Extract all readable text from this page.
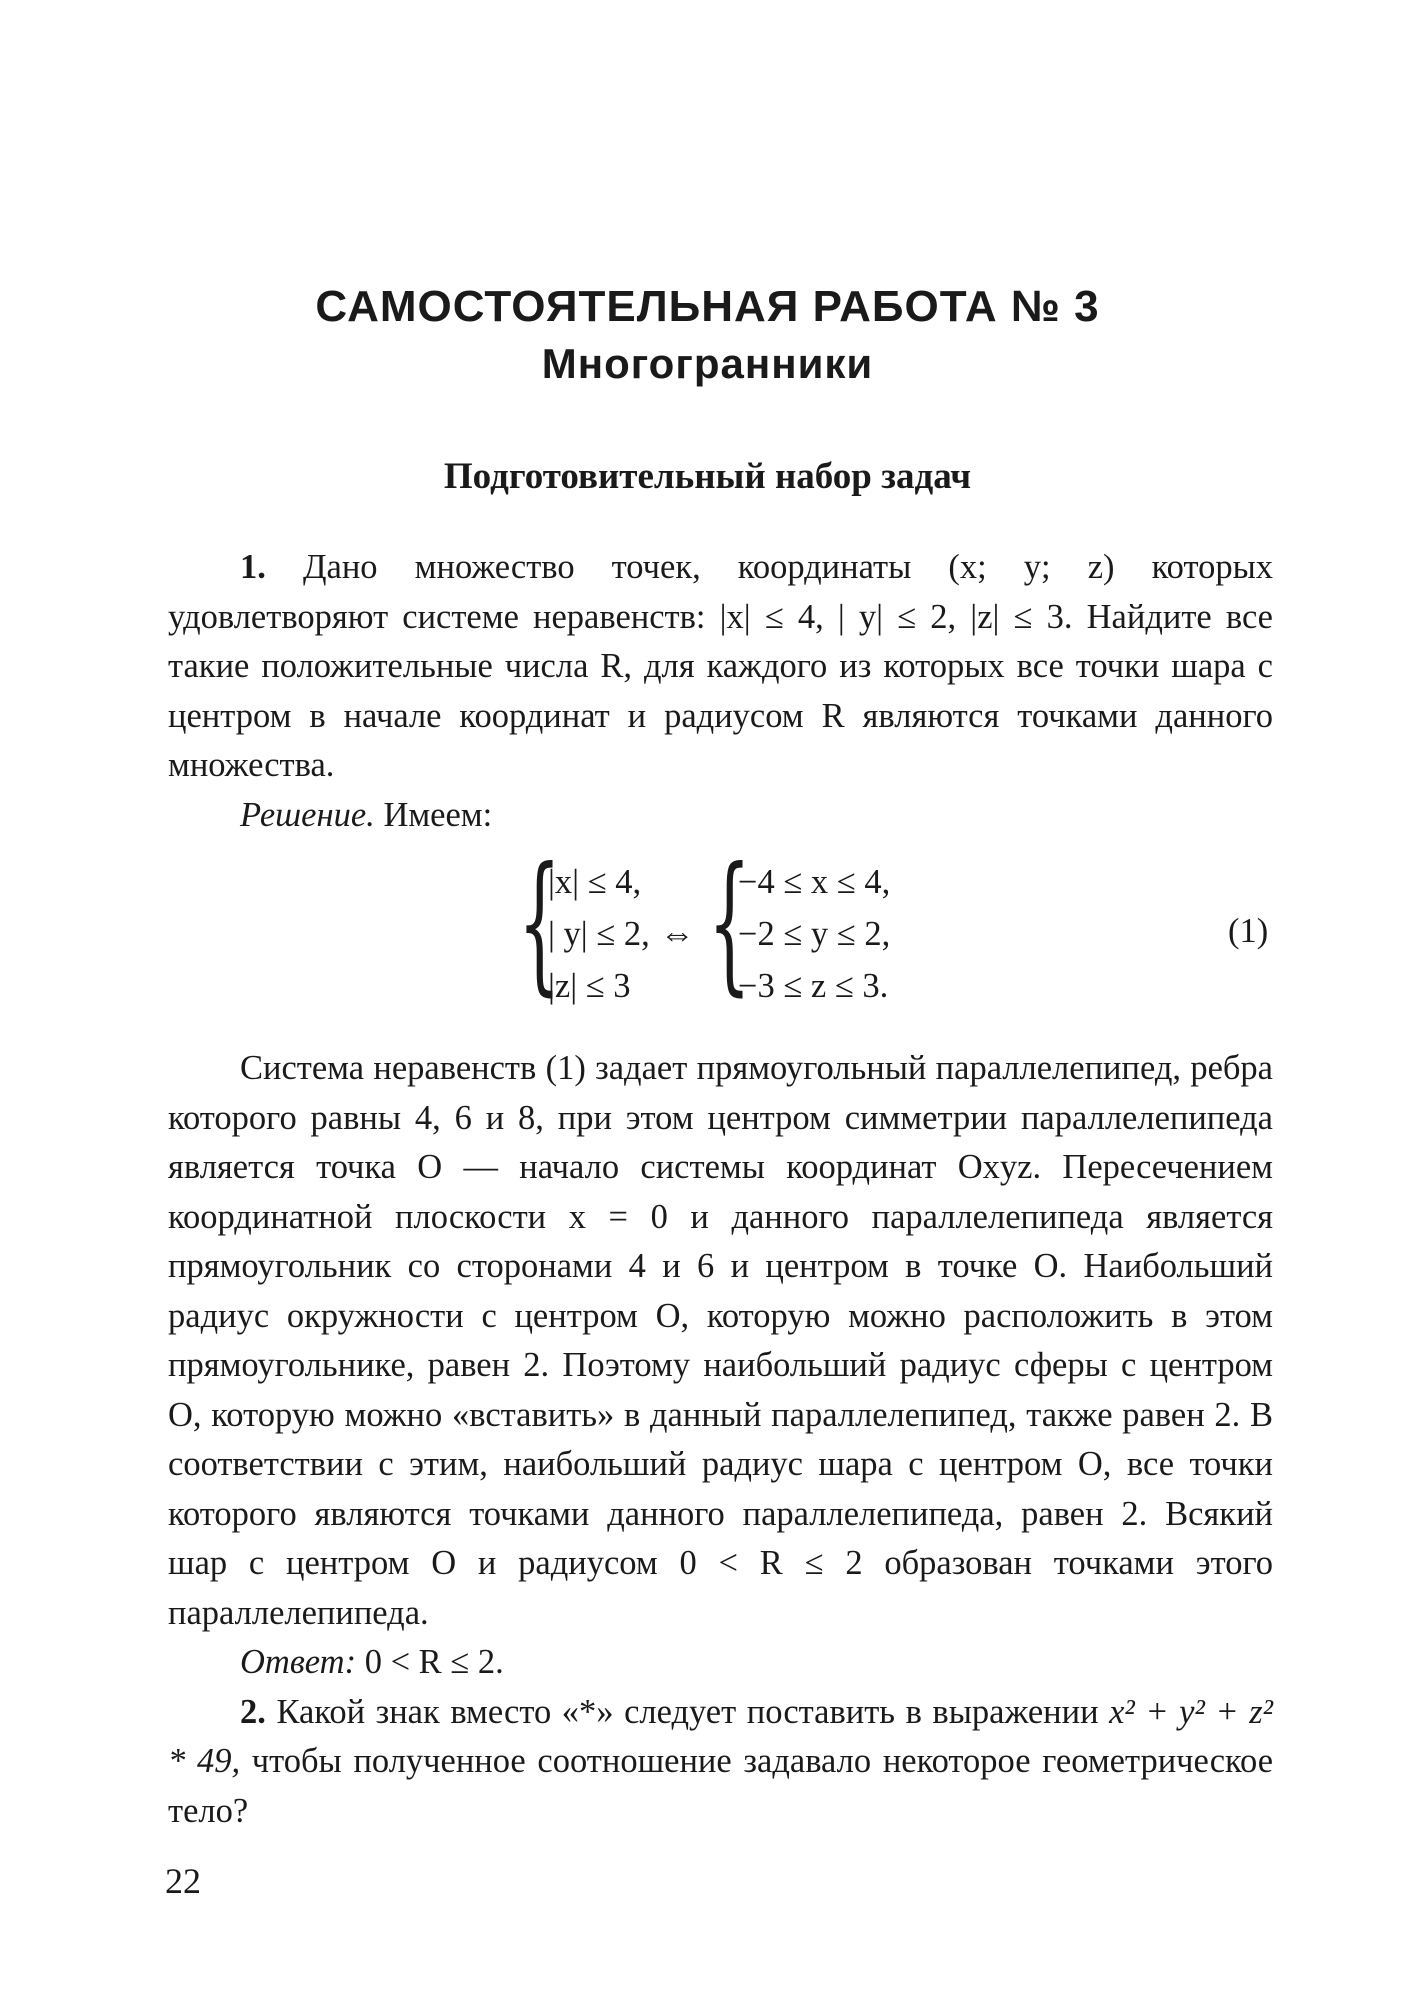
САМОСТОЯТЕЛЬНАЯ РАБОТА № 3
Многогранники
Подготовительный набор задач

1. Дано множество точек, координаты (x; y; z) которых удовлетворяют системе неравенств: |x| ≤ 4, | y| ≤ 2, |z| ≤ 3. Найдите все такие положительные числа R, для каждого из которых все точки шара с центром в начале координат и радиусом R являются точками данного множества.

Решение. Имеем:

{
|x| ≤ 4,
| y| ≤ 2,
|z| ≤ 3
⇔ {
−4 ≤ x ≤ 4,
−2 ≤ y ≤ 2,
−3 ≤ z ≤ 3.
(1)

Система неравенств (1) задает прямоугольный параллелепипед, ребра которого равны 4, 6 и 8, при этом центром симметрии параллелепипеда является точка O — начало системы координат Oxyz. Пересечением координатной плоскости x = 0 и данного параллелепипеда является прямоугольник со сторонами 4 и 6 и центром в точке O. Наибольший радиус окружности с центром O, которую можно расположить в этом прямоугольнике, равен 2. Поэтому наибольший радиус сферы с центром O, которую можно «вставить» в данный параллелепипед, также равен 2. В соответствии с этим, наибольший радиус шара с центром O, все точки которого являются точками данного параллелепипеда, равен 2. Всякий шар с центром O и радиусом 0 < R ≤ 2 образован точками этого параллелепипеда.

Ответ: 0 < R ≤ 2.

2. Какой знак вместо «*» следует поставить в выражении x² + y² + z² * 49, чтобы полученное соотношение задавало некоторое геометрическое тело?

22
